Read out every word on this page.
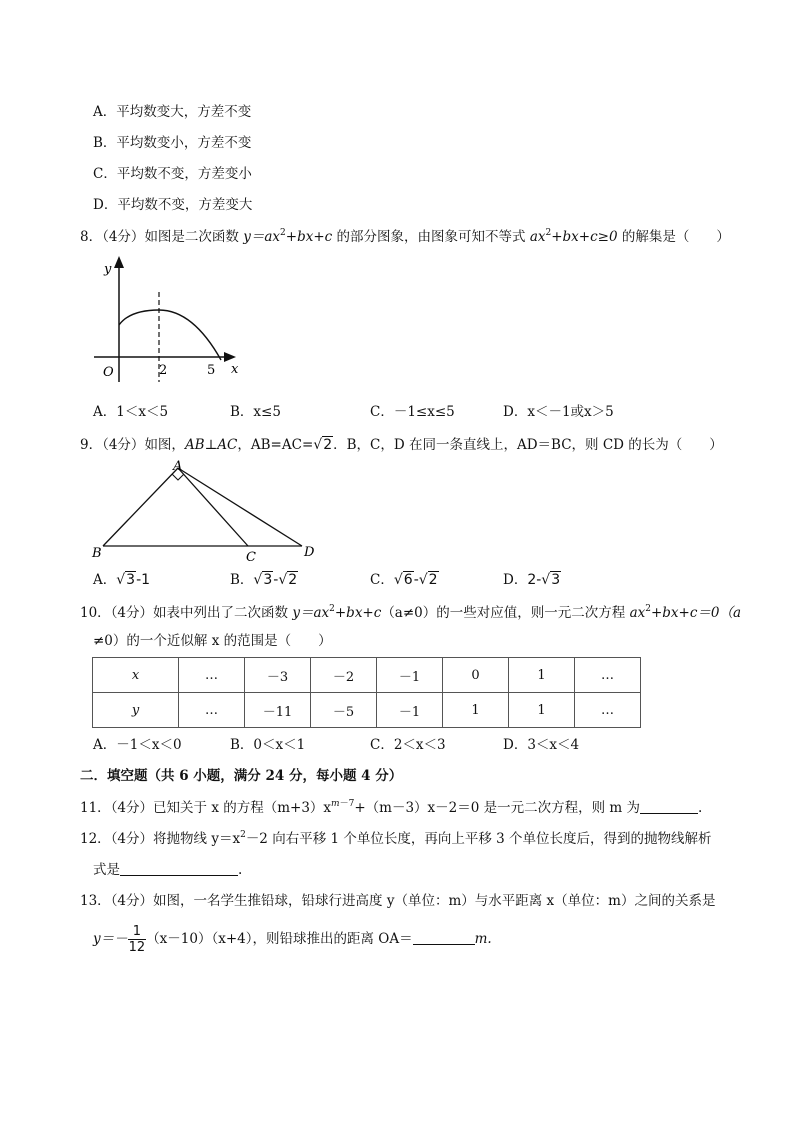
A．平均数变大，方差不变
B．平均数变小，方差不变
C．平均数不变，方差变小
D．平均数不变，方差变大
8．（4分）如图是二次函数 $y=ax^2+bx+c$ 的部分图象，由图象可知不等式 $ax^2+bx+c\ge 0$ 的解集是（　　）
y
x
O	2	5
A．1＜x＜5	B．x≤5	C．－1≤x≤5	D．x＜－1或x＞5
9．（4分）如图，AB⊥AC，AB=AC=√2．B，C，D 在同一条直线上，AD＝BC，则 CD 的长为（　　）
A
B	C	D
A．√3-1	B．√3-√2	C．√6-√2	D．2-√3
10．（4分）如表中列出了二次函数 $y=ax^2+bx+c(a\ne 0)$的一些对应值，则一元二次方程 $ax^2+bx+c=0(a$
≠0）的一个近似解 x 的范围是（　　）
x	…	－3	－2	－1	0	1	…
y	…	－11	－5	－1	1	1	…
A．－1＜x＜0	B．0＜x＜1	C．2＜x＜3	D．3＜x＜4
二．填空题（共 6 小题，满分 24 分，每小题 4 分）
11．（4分）已知关于 x 的方程$(m+3)x^{m-7}+(m-3)x-2=0$ 是一元二次方程，则 m 为	.
12．（4分）将抛物线 $y=x^2-2$ 向右平移 1 个单位长度，再向上平移 3 个单位长度后，得到的抛物线解析
式是	.
13．（4分）如图，一名学生推铅球，铅球行进高度 y（单位：m）与水平距离 x（单位：m）之间的关系是
$y=- \frac{1}{12} (x-10)(x+4)$，则铅球推出的距离 OA＝	m.
